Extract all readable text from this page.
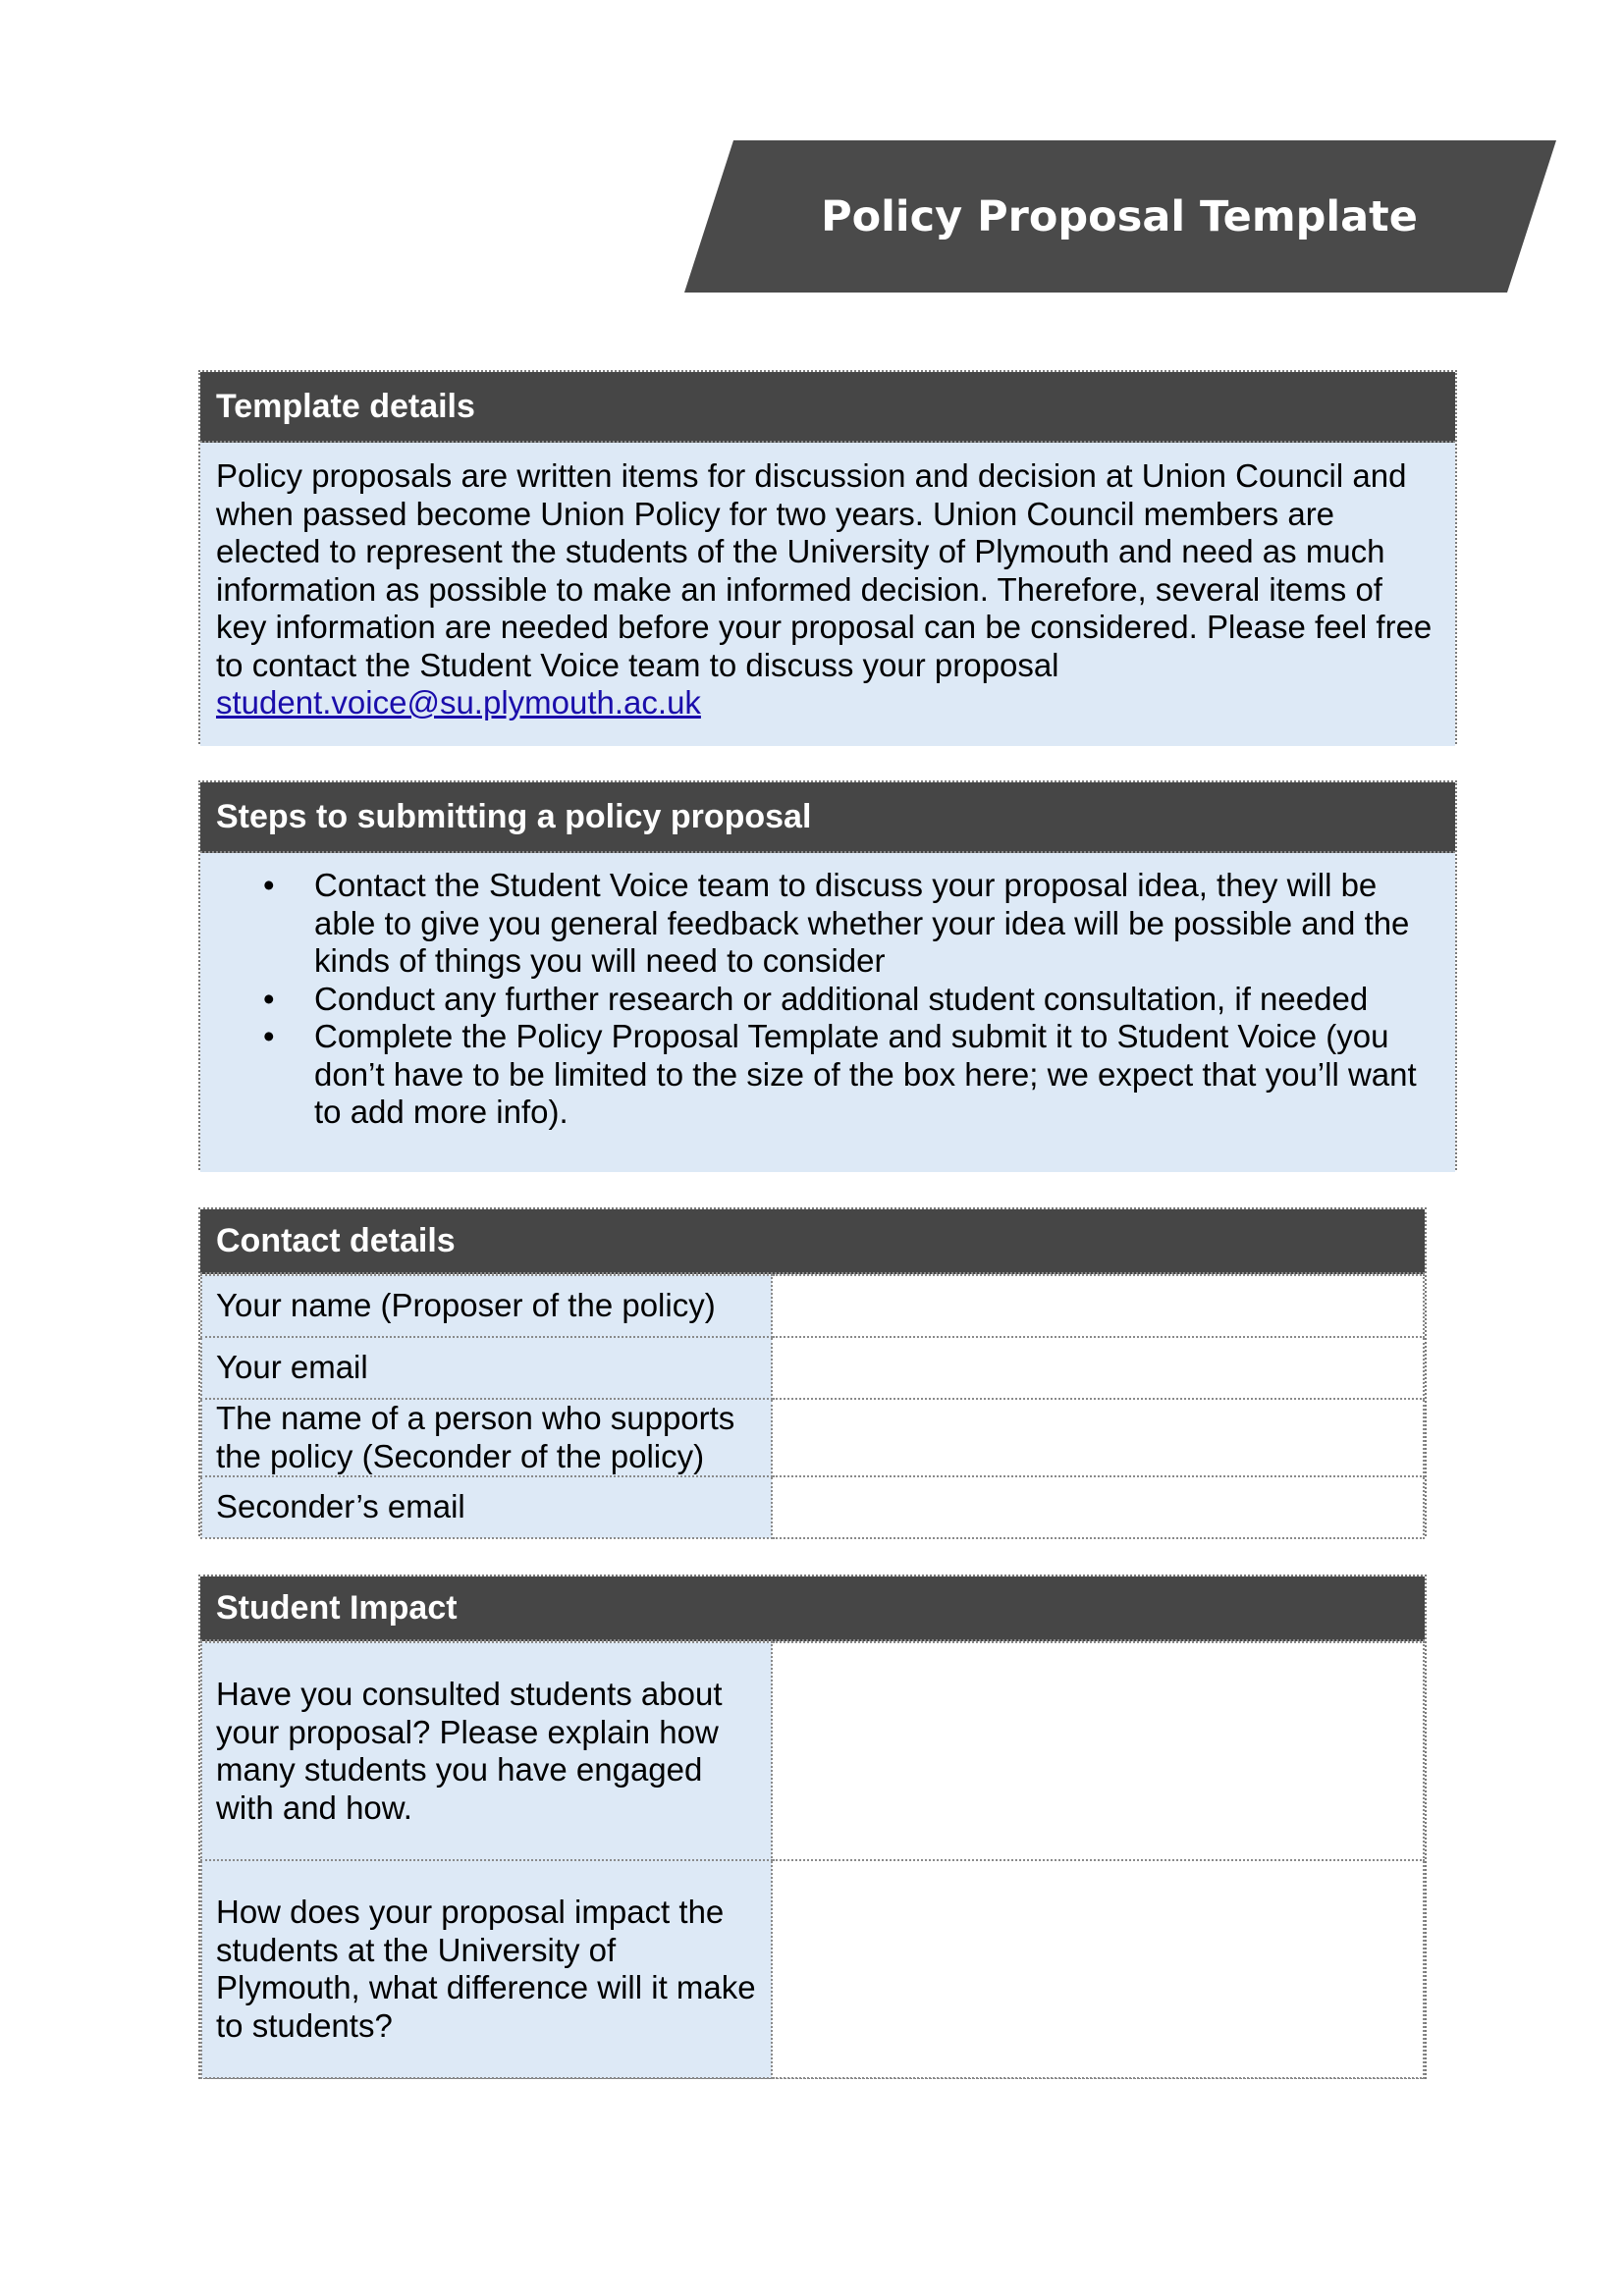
Policy Proposal Template
Template details
Policy proposals are written items for discussion and decision at Union Council and when passed become Union Policy for two years. Union Council members are elected to represent the students of the University of Plymouth and need as much information as possible to make an informed decision. Therefore, several items of key information are needed before your proposal can be considered. Please feel free to contact the Student Voice team to discuss your proposal
student.voice@su.plymouth.ac.uk
Steps to submitting a policy proposal
• Contact the Student Voice team to discuss your proposal idea, they will be able to give you general feedback whether your idea will be possible and the kinds of things you will need to consider
• Conduct any further research or additional student consultation, if needed
• Complete the Policy Proposal Template and submit it to Student Voice (you don’t have to be limited to the size of the box here; we expect that you’ll want to add more info).
Contact details
Your name (Proposer of the policy)	
Your email	
The name of a person who supports the policy (Seconder of the policy)	
Seconder’s email	
Student Impact
Have you consulted students about your proposal? Please explain how many students you have engaged with and how.	
How does your proposal impact the students at the University of Plymouth, what difference will it make to students?	
